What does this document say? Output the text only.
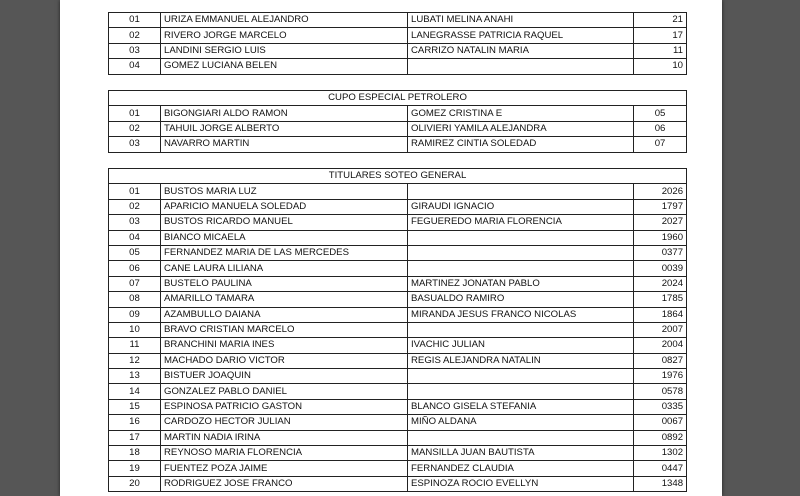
01	URIZA EMMANUEL ALEJANDRO	LUBATI MELINA ANAHI	21
02	RIVERO JORGE MARCELO	LANEGRASSE PATRICIA RAQUEL	17
03	LANDINI SERGIO LUIS	CARRIZO NATALIN MARIA	11
04	GOMEZ LUCIANA BELEN		10
CUPO ESPECIAL PETROLERO			
01	BIGONGIARI ALDO RAMON	GOMEZ CRISTINA E	05
02	TAHUIL JORGE ALBERTO	OLIVIERI YAMILA ALEJANDRA	06
03	NAVARRO MARTIN	RAMIREZ CINTIA SOLEDAD	07
TITULARES SOTEO GENERAL			
01	BUSTOS MARIA LUZ		2026
02	APARICIO MANUELA SOLEDAD	GIRAUDI IGNACIO	1797
03	BUSTOS RICARDO MANUEL	FEGUEREDO MARIA FLORENCIA	2027
04	BIANCO MICAELA		1960
05	FERNANDEZ MARIA DE LAS MERCEDES		0377
06	CANE LAURA LILIANA		0039
07	BUSTELO PAULINA	MARTINEZ JONATAN PABLO	2024
08	AMARILLO TAMARA	BASUALDO RAMIRO	1785
09	AZAMBULLO DAIANA	MIRANDA JESUS FRANCO NICOLAS	1864
10	BRAVO CRISTIAN MARCELO		2007
11	BRANCHINI MARIA INES	IVACHIC JULIAN	2004
12	MACHADO DARIO VICTOR	REGIS ALEJANDRA NATALIN	0827
13	BISTUER JOAQUIN		1976
14	GONZALEZ PABLO DANIEL		0578
15	ESPINOSA PATRICIO GASTON	BLANCO GISELA STEFANIA	0335
16	CARDOZO HECTOR JULIAN	MIÑO ALDANA	0067
17	MARTIN NADIA IRINA		0892
18	REYNOSO MARIA FLORENCIA	MANSILLA JUAN BAUTISTA	1302
19	FUENTEZ POZA JAIME	FERNANDEZ CLAUDIA	0447
20	RODRIGUEZ JOSE FRANCO	ESPINOZA ROCIO EVELLYN	1348
